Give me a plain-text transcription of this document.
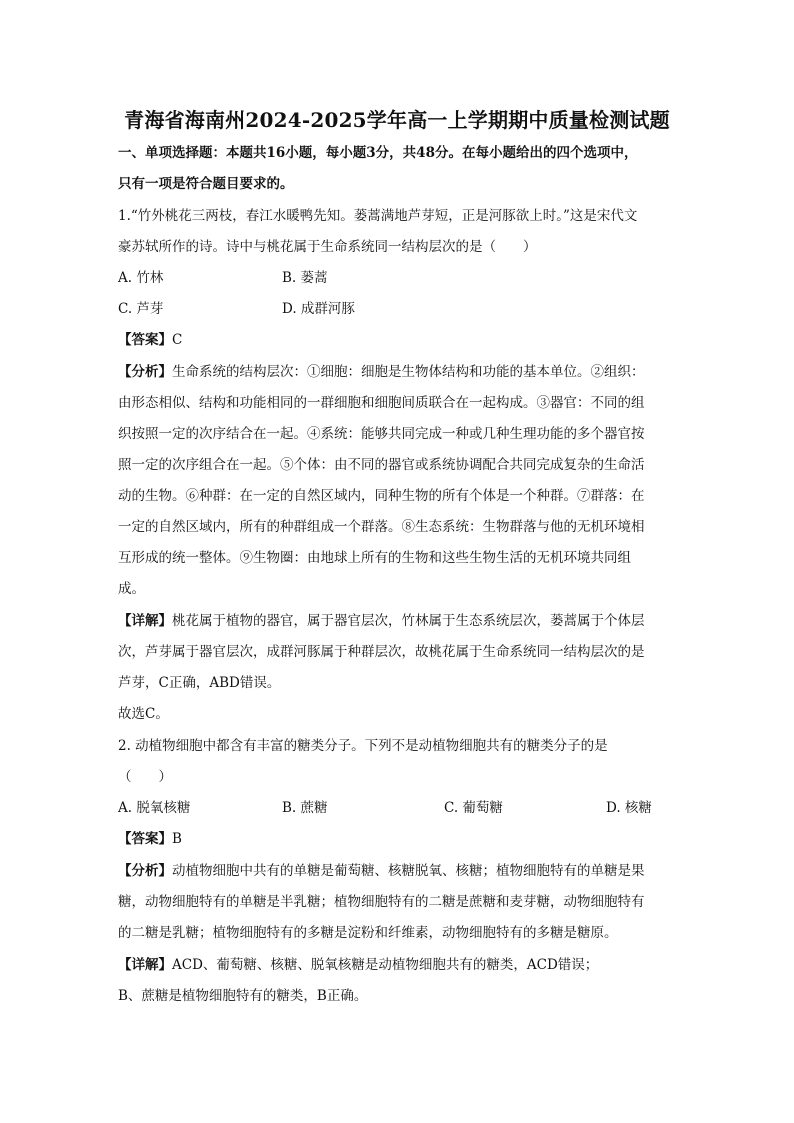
青海省海南州2024-2025学年高一上学期期中质量检测试题
一、单项选择题：本题共16小题，每小题3分，共48分。在每小题给出的四个选项中，
只有一项是符合题目要求的。
1.“竹外桃花三两枝，春江水暖鸭先知。蒌蒿满地芦芽短，正是河豚欲上时。”这是宋代文
豪苏轼所作的诗。诗中与桃花属于生命系统同一结构层次的是（　　）
A. 竹林	B. 蒌蒿
C. 芦芽	D. 成群河豚
【答案】C
【分析】生命系统的结构层次：①细胞：细胞是生物体结构和功能的基本单位。②组织：
由形态相似、结构和功能相同的一群细胞和细胞间质联合在一起构成。③器官：不同的组
织按照一定的次序结合在一起。④系统：能够共同完成一种或几种生理功能的多个器官按
照一定的次序组合在一起。⑤个体：由不同的器官或系统协调配合共同完成复杂的生命活
动的生物。⑥种群：在一定的自然区域内，同种生物的所有个体是一个种群。⑦群落：在
一定的自然区域内，所有的种群组成一个群落。⑧生态系统：生物群落与他的无机环境相
互形成的统一整体。⑨生物圈：由地球上所有的生物和这些生物生活的无机环境共同组
成。
【详解】桃花属于植物的器官，属于器官层次，竹林属于生态系统层次，蒌蒿属于个体层
次，芦芽属于器官层次，成群河豚属于种群层次，故桃花属于生命系统同一结构层次的是
芦芽，C正确，ABD错误。
故选C。
2. 动植物细胞中都含有丰富的糖类分子。下列不是动植物细胞共有的糖类分子的是
（　　）
A. 脱氧核糖	B. 蔗糖	C. 葡萄糖	D. 核糖
【答案】B
【分析】动植物细胞中共有的单糖是葡萄糖、核糖脱氧、核糖；植物细胞特有的单糖是果
糖，动物细胞特有的单糖是半乳糖；植物细胞特有的二糖是蔗糖和麦芽糖，动物细胞特有
的二糖是乳糖；植物细胞特有的多糖是淀粉和纤维素，动物细胞特有的多糖是糖原。
【详解】ACD、葡萄糖、核糖、脱氧核糖是动植物细胞共有的糖类，ACD错误；
B、蔗糖是植物细胞特有的糖类，B正确。
